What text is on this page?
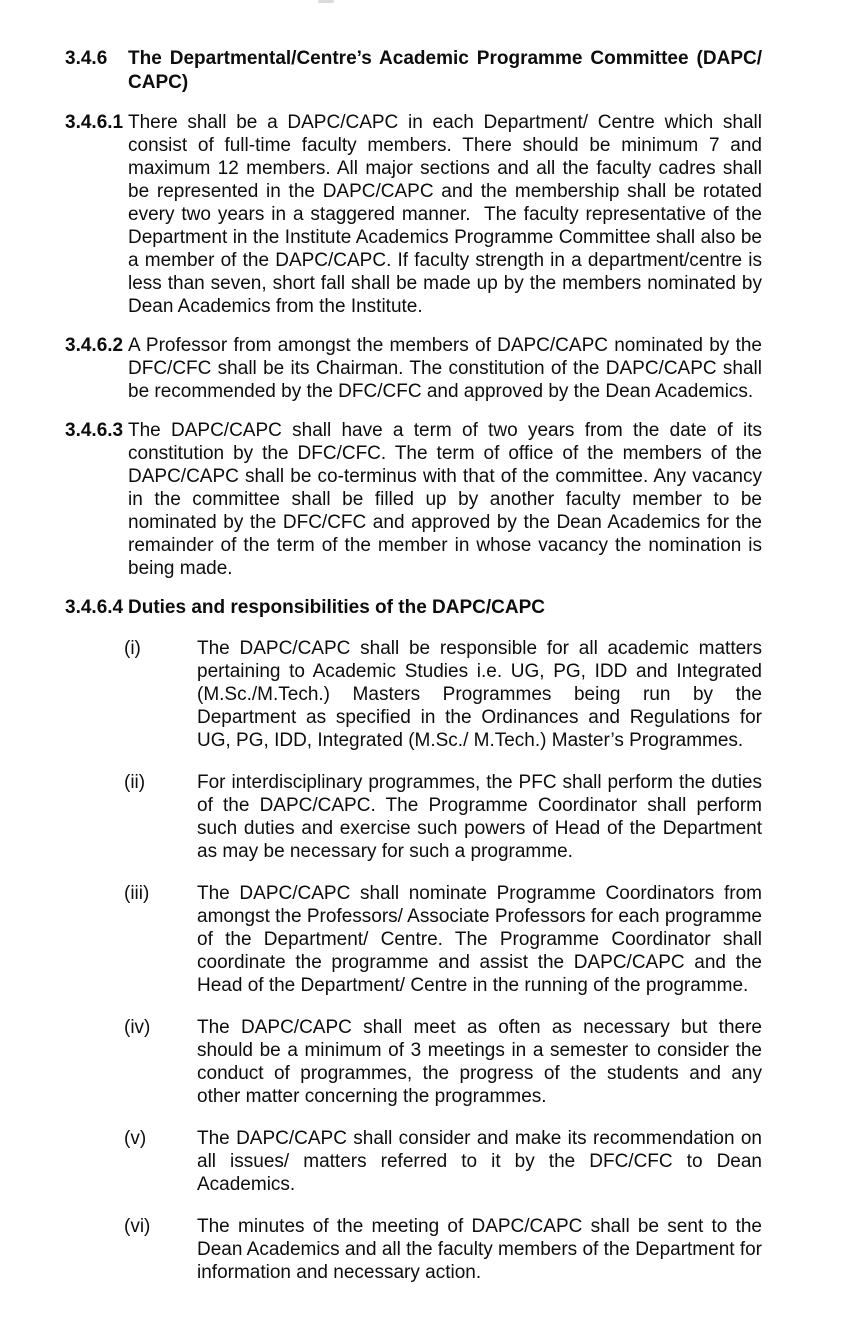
3.4.6 The Departmental/Centre’s Academic Programme Committee (DAPC/
CAPC)
3.4.6.1 There shall be a DAPC/CAPC in each Department/ Centre which shall consist of full-time faculty members. There should be minimum 7 and maximum 12 members. All major sections and all the faculty cadres shall be represented in the DAPC/CAPC and the membership shall be rotated every two years in a staggered manner.  The faculty representative of the Department in the Institute Academics Programme Committee shall also be a member of the DAPC/CAPC. If faculty strength in a department/centre is less than seven, short fall shall be made up by the members nominated by Dean Academics from the Institute.
3.4.6.2 A Professor from amongst the members of DAPC/CAPC nominated by the DFC/CFC shall be its Chairman. The constitution of the DAPC/CAPC shall be recommended by the DFC/CFC and approved by the Dean Academics.
3.4.6.3 The DAPC/CAPC shall have a term of two years from the date of its constitution by the DFC/CFC. The term of office of the members of the DAPC/CAPC shall be co-terminus with that of the committee. Any vacancy in the committee shall be filled up by another faculty member to be nominated by the DFC/CFC and approved by the Dean Academics for the remainder of the term of the member in whose vacancy the nomination is being made.
3.4.6.4 Duties and responsibilities of the DAPC/CAPC
(i)	The DAPC/CAPC shall be responsible for all academic matters pertaining to Academic Studies i.e. UG, PG, IDD and Integrated (M.Sc./M.Tech.) Masters Programmes being run by the Department as specified in the Ordinances and Regulations for UG, PG, IDD, Integrated (M.Sc./ M.Tech.) Master’s Programmes.
(ii)	For interdisciplinary programmes, the PFC shall perform the duties of the DAPC/CAPC. The Programme Coordinator shall perform such duties and exercise such powers of Head of the Department as may be necessary for such a programme.
(iii)	The DAPC/CAPC shall nominate Programme Coordinators from amongst the Professors/ Associate Professors for each programme of the Department/ Centre. The Programme Coordinator shall coordinate the programme and assist the DAPC/CAPC and the Head of the Department/ Centre in the running of the programme.
(iv) The DAPC/CAPC shall meet as often as necessary but there should be a minimum of 3 meetings in a semester to consider the conduct of programmes, the progress of the students and any other matter concerning the programmes.
(v)	The DAPC/CAPC shall consider and make its recommendation on all issues/ matters referred to it by the DFC/CFC to Dean Academics.
(vi) The minutes of the meeting of DAPC/CAPC shall be sent to the Dean Academics and all the faculty members of the Department for information and necessary action.
